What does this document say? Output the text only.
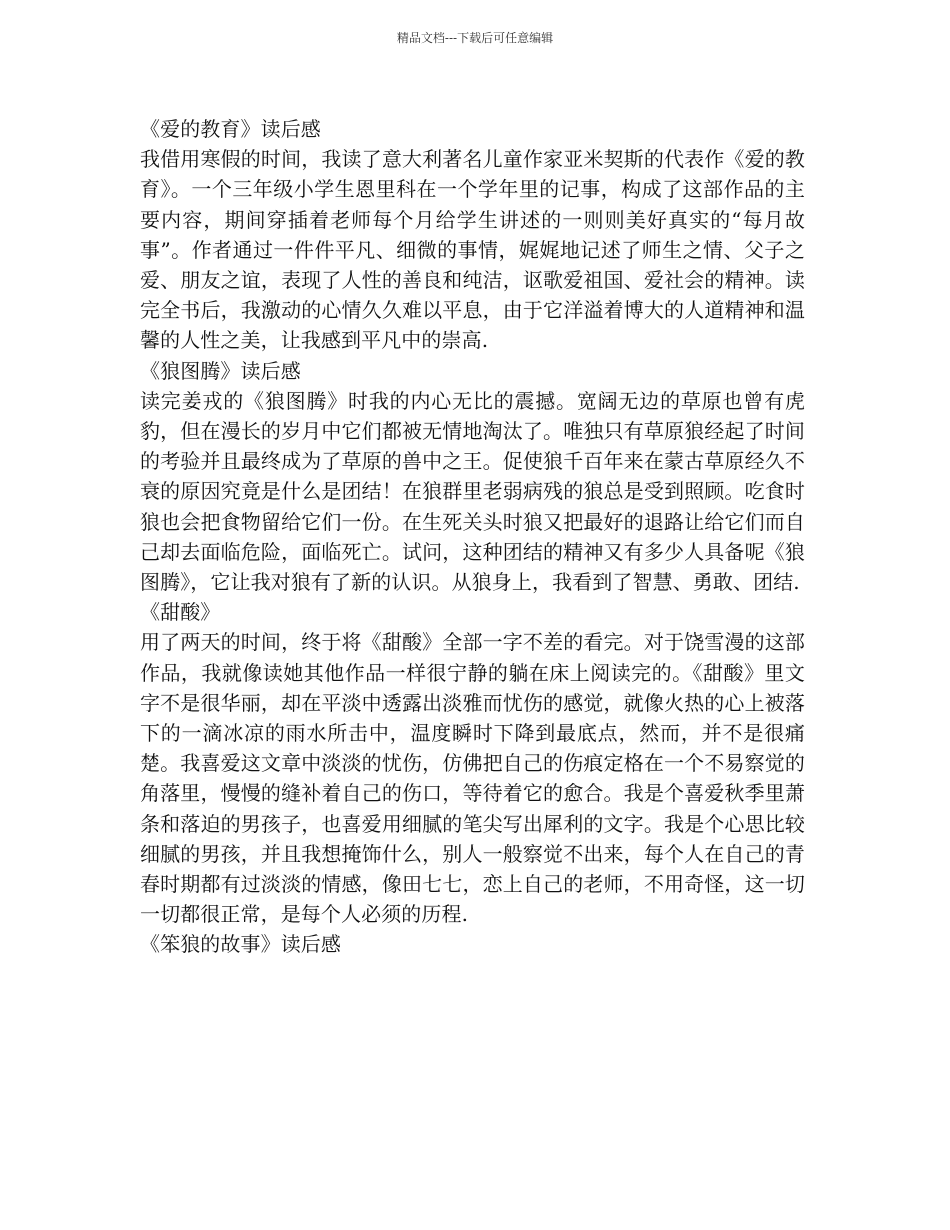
精品文档---下载后可任意编辑

《爱的教育》读后感

我借用寒假的时间，我读了意大利著名儿童作家亚米契斯的代表作《爱的教育》。一个三年级小学生恩里科在一个学年里的记事，构成了这部作品的主要内容，期间穿插着老师每个月给学生讲述的一则则美好真实的“每月故事”。作者通过一件件平凡、细微的事情，娓娓地记述了师生之情、父子之爱、朋友之谊，表现了人性的善良和纯洁，讴歌爱祖国、爱社会的精神。读完全书后，我激动的心情久久难以平息，由于它洋溢着博大的人道精神和温馨的人性之美，让我感到平凡中的崇高.

《狼图腾》读后感

读完姜戎的《狼图腾》时我的内心无比的震撼。宽阔无边的草原也曾有虎豹，但在漫长的岁月中它们都被无情地淘汰了。唯独只有草原狼经起了时间的考验并且最终成为了草原的兽中之王。促使狼千百年来在蒙古草原经久不衰的原因究竟是什么是团结！在狼群里老弱病残的狼总是受到照顾。吃食时狼也会把食物留给它们一份。在生死关头时狼又把最好的退路让给它们而自己却去面临危险，面临死亡。试问，这种团结的精神又有多少人具备呢《狼图腾》，它让我对狼有了新的认识。从狼身上，我看到了智慧、勇敢、团结.

《甜酸》

用了两天的时间，终于将《甜酸》全部一字不差的看完。对于饶雪漫的这部作品，我就像读她其他作品一样很宁静的躺在床上阅读完的。《甜酸》里文字不是很华丽，却在平淡中透露出淡雅而忧伤的感觉，就像火热的心上被落下的一滴冰凉的雨水所击中，温度瞬时下降到最底点，然而，并不是很痛楚。我喜爱这文章中淡淡的忧伤，仿佛把自己的伤痕定格在一个不易察觉的角落里，慢慢的缝补着自己的伤口，等待着它的愈合。我是个喜爱秋季里萧条和落迫的男孩子，也喜爱用细腻的笔尖写出犀利的文字。我是个心思比较细腻的男孩，并且我想掩饰什么，别人一般察觉不出来，每个人在自己的青春时期都有过淡淡的情感，像田七七，恋上自己的老师，不用奇怪，这一切一切都很正常，是每个人必须的历程.

《笨狼的故事》读后感
